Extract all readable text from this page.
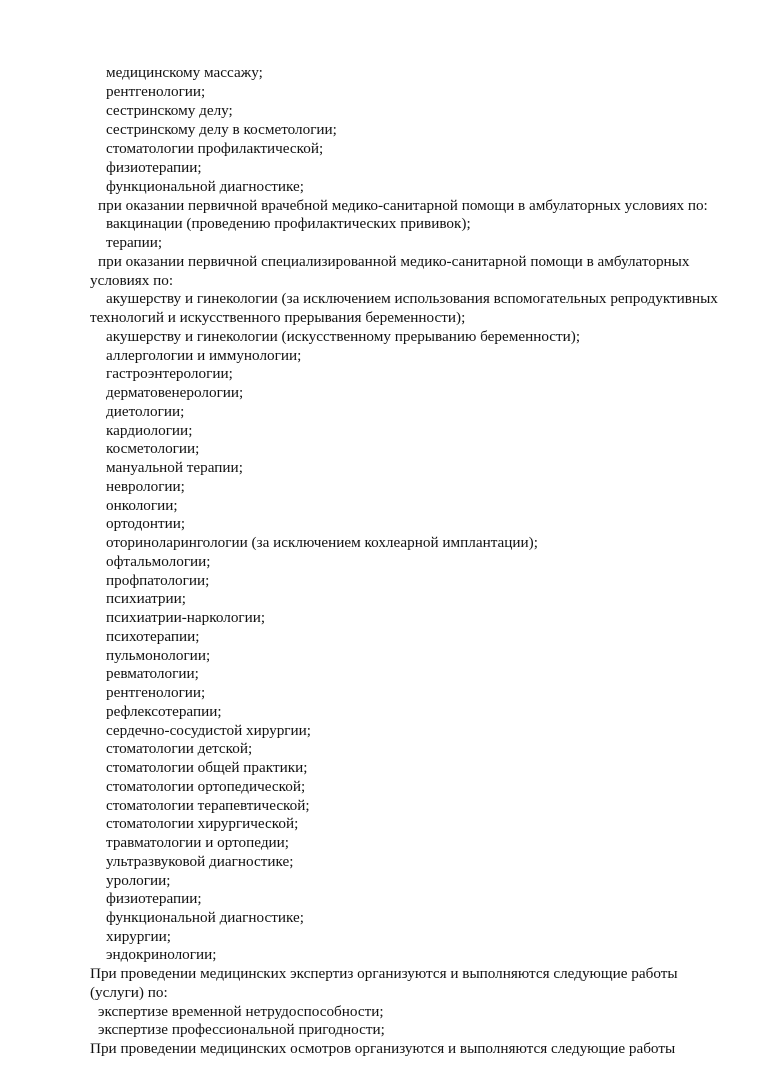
медицинскому массажу;
рентгенологии;
сестринскому делу;
сестринскому делу в косметологии;
стоматологии профилактической;
физиотерапии;
функциональной диагностике;
при оказании первичной врачебной медико-санитарной помощи в амбулаторных условиях по:
вакцинации (проведению профилактических прививок);
терапии;
при оказании первичной специализированной медико-санитарной помощи в амбулаторных
условиях по:
акушерству и гинекологии (за исключением использования вспомогательных репродуктивных
технологий и искусственного прерывания беременности);
акушерству и гинекологии (искусственному прерыванию беременности);
аллергологии и иммунологии;
гастроэнтерологии;
дерматовенерологии;
диетологии;
кардиологии;
косметологии;
мануальной терапии;
неврологии;
онкологии;
ортодонтии;
оториноларингологии (за исключением кохлеарной имплантации);
офтальмологии;
профпатологии;
психиатрии;
психиатрии-наркологии;
психотерапии;
пульмонологии;
ревматологии;
рентгенологии;
рефлексотерапии;
сердечно-сосудистой хирургии;
стоматологии детской;
стоматологии общей практики;
стоматологии ортопедической;
стоматологии терапевтической;
стоматологии хирургической;
травматологии и ортопедии;
ультразвуковой диагностике;
урологии;
физиотерапии;
функциональной диагностике;
хирургии;
эндокринологии;
При проведении медицинских экспертиз организуются и выполняются следующие работы
(услуги) по:
экспертизе временной нетрудоспособности;
экспертизе профессиональной пригодности;
При проведении медицинских осмотров организуются и выполняются следующие работы
